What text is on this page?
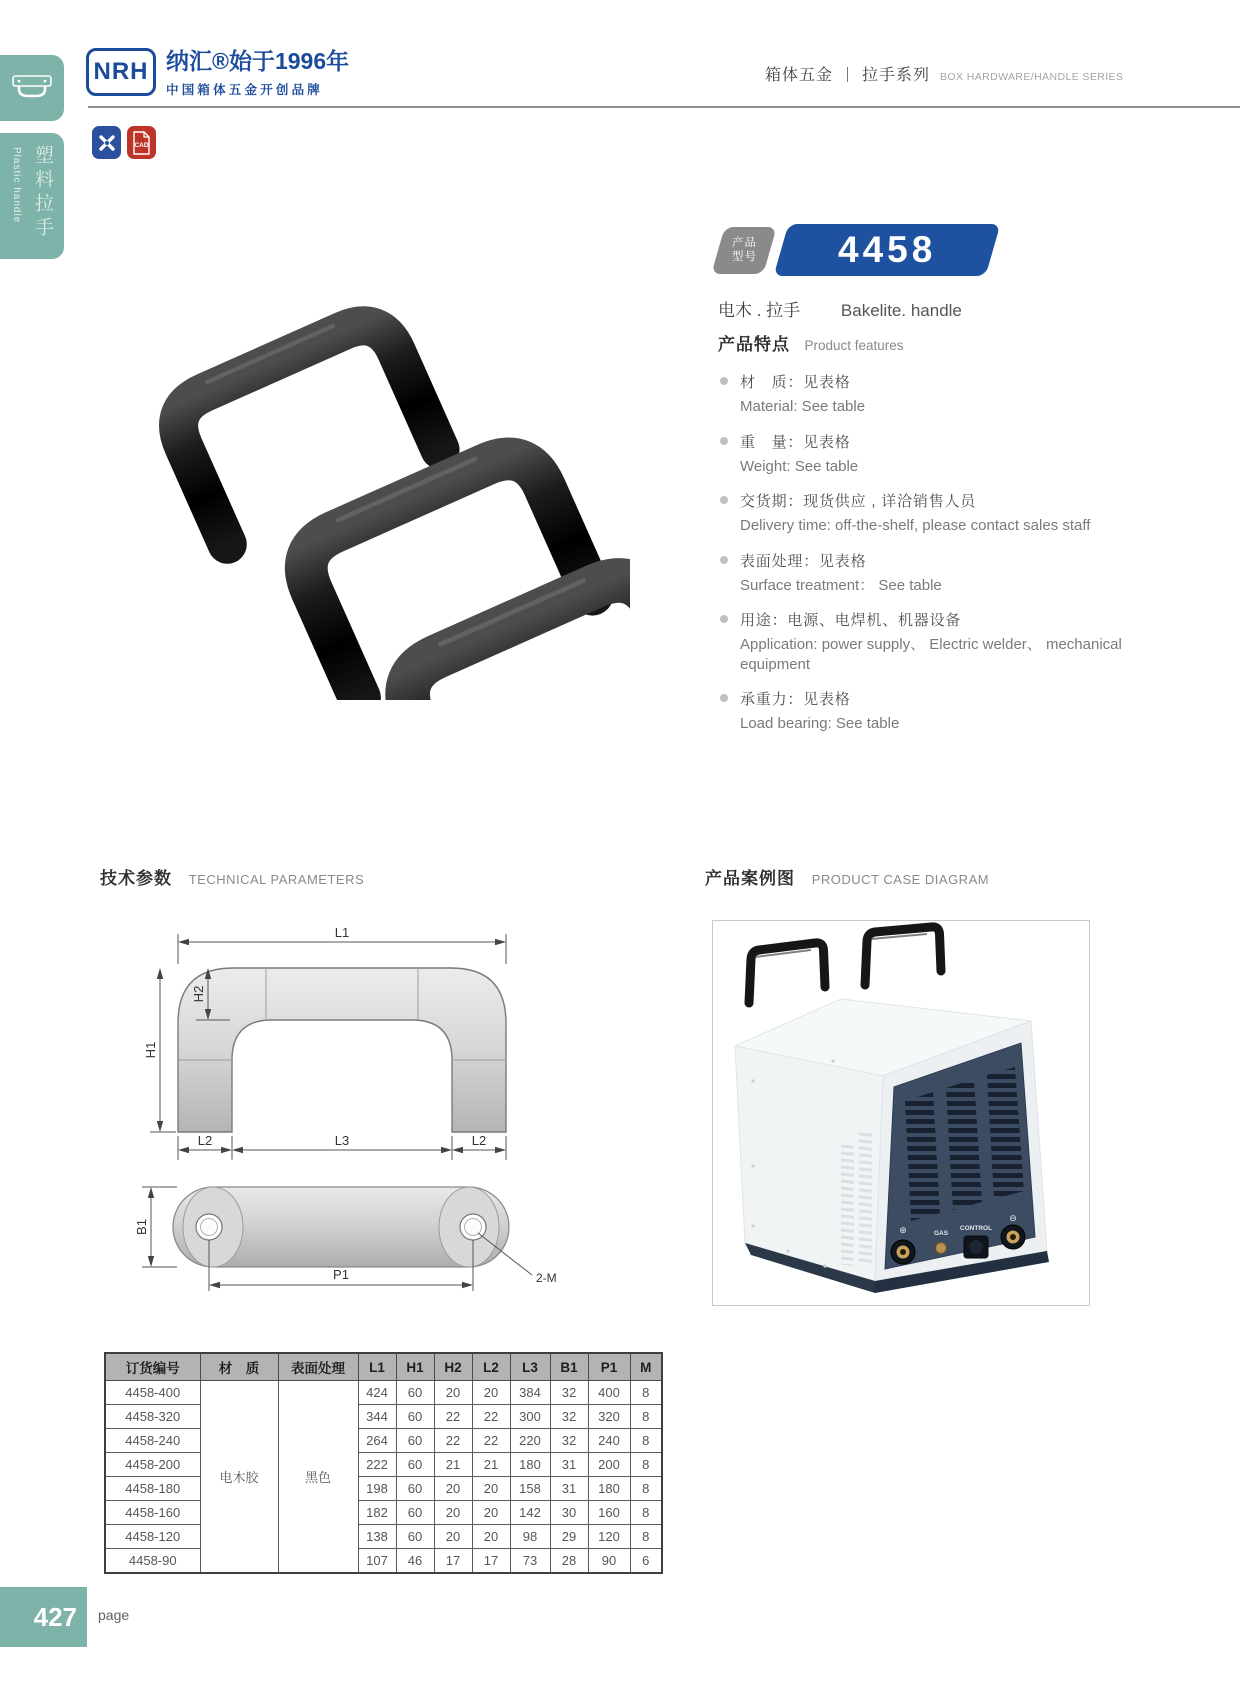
Plastic handle 塑料拉手
NRH 纳汇®始于1996年
中国箱体五金开创品牌
箱体五金 拉手系列 BOX HARDWARE/HANDLE SERIES
CAD
产品
型号 4458
电木 . 拉手 Bakelite. handle
产品特点 Product features
材　质：见表格
Material: See table
重　量：见表格
Weight: See table
交货期：现货供应 , 详洽销售人员
Delivery time: off-the-shelf, please contact sales staff
表面处理：见表格
Surface treatment： See table
用途：电源、电焊机、机器设备
Application: power supply、 Electric welder、 mechanical equipment
承重力：见表格
Load bearing: See table
技术参数 TECHNICAL PARAMETERS	产品案例图 PRODUCT CASE DIAGRAM
L1
H2
H1
L2	L3	L2
B1
P1	2-M
⊕	GAS
CONTROL
⊖
订货编号	材　质	表面处理	L1	H1	H2	L2	L3	B1	P1	M
4458-400	电木胶	黑色	424	60	20	20	384	32	400	8
4458-320			344	60	22	22	300	32	320	8
4458-240			264	60	22	22	220	32	240	8
4458-200			222	60	21	21	180	31	200	8
4458-180			198	60	20	20	158	31	180	8
4458-160			182	60	20	20	142	30	160	8
4458-120			138	60	20	20	98	29	120	8
4458-90			107	46	17	17	73	28	90	6
427 page
